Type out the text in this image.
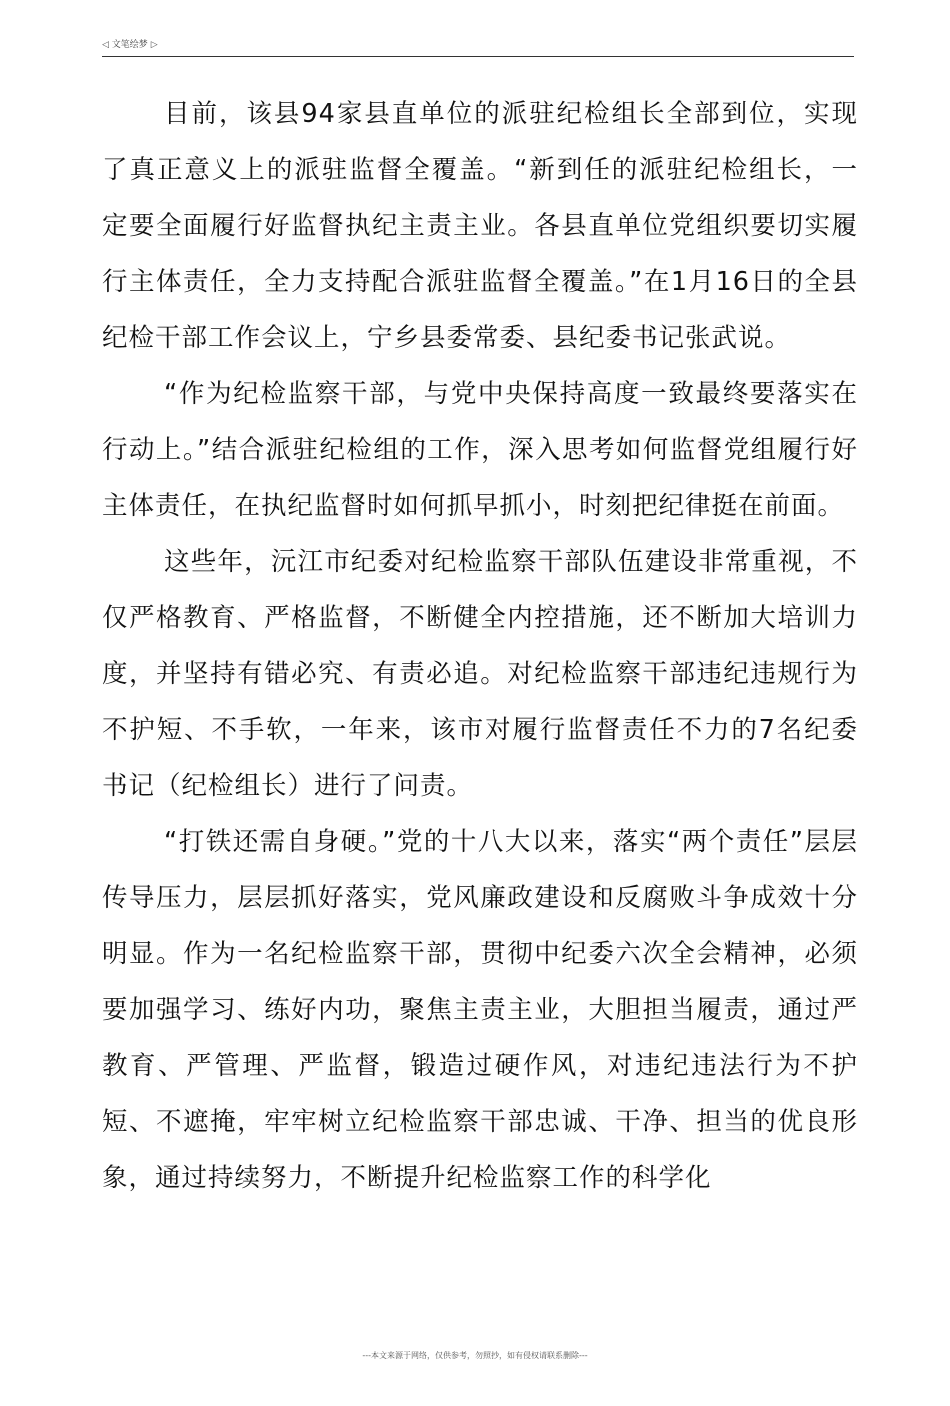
◁ 文笔绘梦 ▷

目前，该县94家县直单位的派驻纪检组长全部到位，实现了真正意义上的派驻监督全覆盖。“新到任的派驻纪检组长，一定要全面履行好监督执纪主责主业。各县直单位党组织要切实履行主体责任，全力支持配合派驻监督全覆盖。”在1月16日的全县纪检干部工作会议上，宁乡县委常委、县纪委书记张武说。

“作为纪检监察干部，与党中央保持高度一致最终要落实在行动上。”结合派驻纪检组的工作，深入思考如何监督党组履行好主体责任，在执纪监督时如何抓早抓小，时刻把纪律挺在前面。

这些年，沅江市纪委对纪检监察干部队伍建设非常重视，不仅严格教育、严格监督，不断健全内控措施，还不断加大培训力度，并坚持有错必究、有责必追。对纪检监察干部违纪违规行为不护短、不手软，一年来，该市对履行监督责任不力的7名纪委书记（纪检组长）进行了问责。

“打铁还需自身硬。”党的十八大以来，落实“两个责任”层层传导压力，层层抓好落实，党风廉政建设和反腐败斗争成效十分明显。作为一名纪检监察干部，贯彻中纪委六次全会精神，必须要加强学习、练好内功，聚焦主责主业，大胆担当履责，通过严教育、严管理、严监督，锻造过硬作风，对违纪违法行为不护短、不遮掩，牢牢树立纪检监察干部忠诚、干净、担当的优良形象，通过持续努力，不断提升纪检监察工作的科学化

---本文来源于网络，仅供参考，勿照抄，如有侵权请联系删除---
